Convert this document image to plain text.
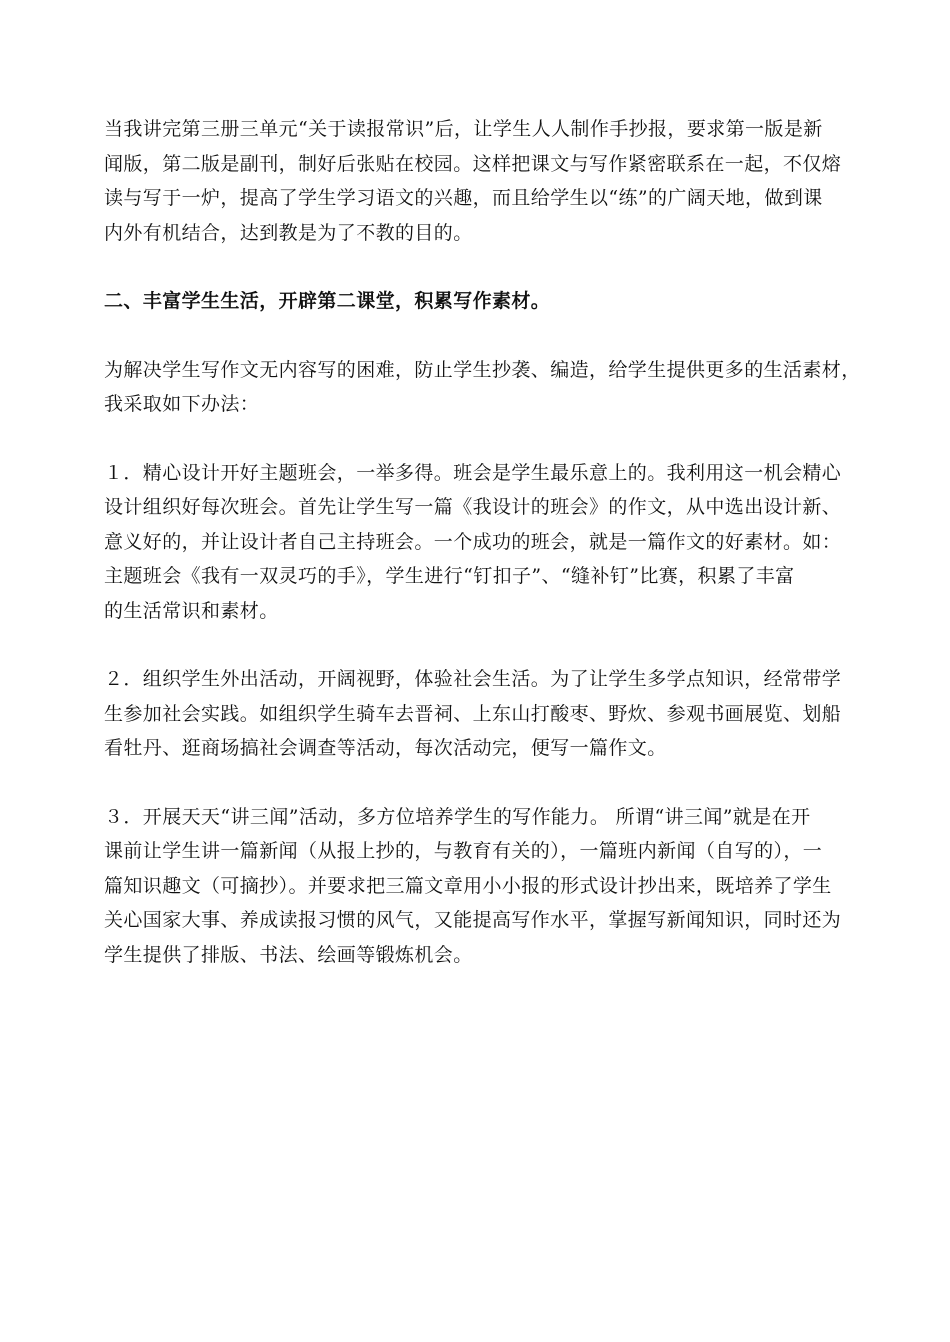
当我讲完第三册三单元“关于读报常识”后，让学生人人制作手抄报，要求第一版是新
闻版，第二版是副刊，制好后张贴在校园。这样把课文与写作紧密联系在一起，不仅熔
读与写于一炉，提高了学生学习语文的兴趣，而且给学生以“练”的广阔天地，做到课
内外有机结合，达到教是为了不教的目的。
二、丰富学生生活，开辟第二课堂，积累写作素材。
为解决学生写作文无内容写的困难，防止学生抄袭、编造，给学生提供更多的生活素材，
我采取如下办法：
１．精心设计开好主题班会，一举多得。班会是学生最乐意上的。我利用这一机会精心
设计组织好每次班会。首先让学生写一篇《我设计的班会》的作文，从中选出设计新、
意义好的，并让设计者自己主持班会。一个成功的班会，就是一篇作文的好素材。如：
主题班会《我有一双灵巧的手》，学生进行“钉扣子”、“缝补钉”比赛，积累了丰富
的生活常识和素材。
２．组织学生外出活动，开阔视野，体验社会生活。为了让学生多学点知识，经常带学
生参加社会实践。如组织学生骑车去晋祠、上东山打酸枣、野炊、参观书画展览、划船
看牡丹、逛商场搞社会调查等活动，每次活动完，便写一篇作文。
３．开展天天“讲三闻”活动，多方位培养学生的写作能力。 所谓“讲三闻”就是在开
课前让学生讲一篇新闻（从报上抄的，与教育有关的），一篇班内新闻（自写的），一
篇知识趣文（可摘抄）。并要求把三篇文章用小小报的形式设计抄出来，既培养了学生
关心国家大事、养成读报习惯的风气，又能提高写作水平，掌握写新闻知识，同时还为
学生提供了排版、书法、绘画等锻炼机会。
